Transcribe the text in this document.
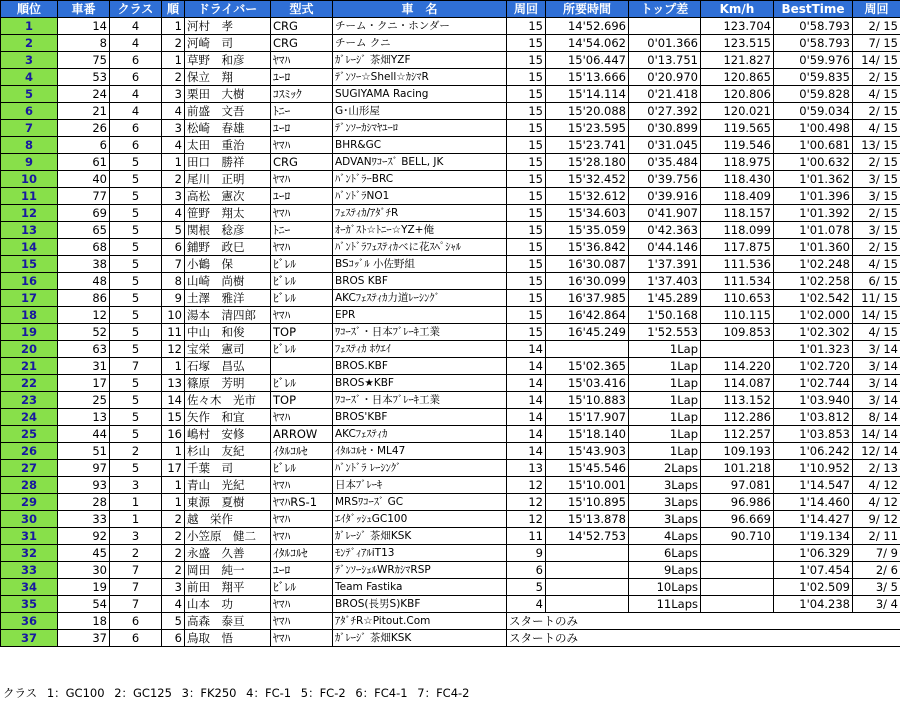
順位	車番	クラス	順	ドライバー	型式	車　名	周回	所要時間	トップ差	Km/h	BestTime	周回
1	14	4	1	河村　孝	CRG	チーム・クニ・ホンダー	15	14'52.696		123.704	0'58.793	2/ 15
2	8	4	2	河崎　司	CRG	チーム クニ	15	14'54.062	0'01.366	123.515	0'58.793	7/ 15
3	75	6	1	草野　和彦	ﾔﾏﾊ	ｶﾞﾚｰｼﾞ 茶畑YZF	15	15'06.447	0'13.751	121.827	0'59.976	14/ 15
4	53	6	2	保立　翔	ﾕｰﾛ	ﾃﾞﾝｿｰ☆Shell☆ｶｼﾏR	15	15'13.666	0'20.970	120.865	0'59.835	2/ 15
5	24	4	3	栗田　大樹	ｺｽﾐｯｸ	SUGIYAMA Racing	15	15'14.114	0'21.418	120.806	0'59.828	4/ 15
6	21	4	4	前盛　文吾	ﾄﾆｰ	G･山形屋	15	15'20.088	0'27.392	120.021	0'59.034	2/ 15
7	26	6	3	松崎　春雄	ﾕｰﾛ	ﾃﾞﾝｿｰｶｼﾏﾔﾕｰﾛ	15	15'23.595	0'30.899	119.565	1'00.498	4/ 15
8	6	6	4	太田　重治	ﾔﾏﾊ	BHR&GC	15	15'23.741	0'31.045	119.546	1'00.681	13/ 15
9	61	5	1	田口　勝祥	CRG	ADVANﾜｺｰｽﾞ BELL, JK	15	15'28.180	0'35.484	118.975	1'00.632	2/ 15
10	40	5	2	尾川　正明	ﾔﾏﾊ	ﾊﾞﾝﾄﾞﾗｰBRC	15	15'32.452	0'39.756	118.430	1'01.362	3/ 15
11	77	5	3	高松　憲次	ﾕｰﾛ	ﾊﾞﾝﾄﾞﾗNO1	15	15'32.612	0'39.916	118.409	1'01.396	3/ 15
12	69	5	4	笹野　翔太	ﾔﾏﾊ	ﾌｪｽﾃｨｶ/ｱﾀﾞﾁR	15	15'34.603	0'41.907	118.157	1'01.392	2/ 15
13	65	5	5	関根　稔彦	ﾄﾆｰ	ｵｰｶﾞｽﾄ☆ﾄﾆｰ☆YZ+俺	15	15'35.059	0'42.363	118.099	1'01.078	3/ 15
14	68	5	6	鋪野　政巳	ﾔﾏﾊ	ﾊﾞﾝﾄﾞﾗﾌｪｽﾃｨｶベに花ｽﾍﾟｼｬﾙ	15	15'36.842	0'44.146	117.875	1'01.360	2/ 15
15	38	5	7	小鶴　保	ﾋﾞﾚﾙ	BSｺｯﾞﾙ 小佐野組	15	16'30.087	1'37.391	111.536	1'02.248	4/ 15
16	48	5	8	山崎　尚樹	ﾋﾞﾚﾙ	BROS KBF	15	16'30.099	1'37.403	111.534	1'02.258	6/ 15
17	86	5	9	土澤　雅洋	ﾋﾞﾚﾙ	AKCﾌｪｽﾃｨｶ力道ﾚｰｼﾝｸﾞ	15	16'37.985	1'45.289	110.653	1'02.542	11/ 15
18	12	5	10	湯本　清四郎	ﾔﾏﾊ	EPR	15	16'42.864	1'50.168	110.115	1'02.000	14/ 15
19	52	5	11	中山　和俊	TOP	ﾜｺｰｽﾞ・日本ﾌﾞﾚｰｷ工業	15	16'45.249	1'52.553	109.853	1'02.302	4/ 15
20	63	5	12	宝栄　憲司	ﾋﾞﾚﾙ	ﾌｪｽﾃｨｶ ﾎｳｴｲ	14		1Lap		1'01.323	3/ 14
21	31	7	1	石塚　昌弘		BROS.KBF	14	15'02.365	1Lap	114.220	1'02.720	3/ 14
22	17	5	13	篠原　芳明	ﾋﾞﾚﾙ	BROS★KBF	14	15'03.416	1Lap	114.087	1'02.744	3/ 14
23	25	5	14	佐々木　光市	TOP	ﾜｺｰｽﾞ・日本ﾌﾞﾚｰｷ工業	14	15'10.883	1Lap	113.152	1'03.940	3/ 14
24	13	5	15	矢作　和宜	ﾔﾏﾊ	BROS'KBF	14	15'17.907	1Lap	112.286	1'03.812	8/ 14
25	44	5	16	嶋村　安修	ARROW	AKCﾌｪｽﾃｨｶ	14	15'18.140	1Lap	112.257	1'03.853	14/ 14
26	51	2	1	杉山　友紀	ｲﾀﾙｺﾙｾ	ｲﾀﾙｺﾙｾ・ML47	14	15'43.903	1Lap	109.193	1'06.242	12/ 14
27	97	5	17	千葉　司	ﾋﾞﾚﾙ	ﾊﾞﾝﾄﾞﾗ ﾚｰｼﾝｸﾞ	13	15'45.546	2Laps	101.218	1'10.952	2/ 13
28	93	3	1	青山　光紀	ﾔﾏﾊ	日本ﾌﾞﾚｰｷ	12	15'10.001	3Laps	97.081	1'14.547	4/ 12
29	28	1	1	東源　夏樹	ﾔﾏﾊRS-1	MRSﾜｺｰｽﾞ GC	12	15'10.895	3Laps	96.986	1'14.460	4/ 12
30	33	1	2	越　栄作	ﾔﾏﾊ	ｴｲﾀﾞｯｼｭGC100	12	15'13.878	3Laps	96.669	1'14.427	9/ 12
31	92	3	2	小笠原　健二	ﾔﾏﾊ	ｶﾞﾚｰｼﾞ 茶畑KSK	11	14'52.753	4Laps	90.710	1'19.134	2/ 11
32	45	2	2	永盛　久善	ｲﾀﾙｺﾙｾ	ﾓﾝﾃﾞｨｱﾙiT13	9		6Laps		1'06.329	7/ 9
33	30	7	2	岡田　純一	ﾕｰﾛ	ﾃﾞﾝｿｰｼｪﾙWRｶｼﾏRSP	6		9Laps		1'07.454	2/ 6
34	19	7	3	前田　翔平	ﾋﾞﾚﾙ	Team Fastika	5		10Laps		1'02.509	3/ 5
35	54	7	4	山本　功	ﾔﾏﾊ	BROS(長男S)KBF	4		11Laps		1'04.238	3/ 4
36	18	6	5	高森　泰亘	ﾔﾏﾊ	ｱﾀﾞﾁR☆Pitout.Com	スタートのみ					
37	37	6	6	鳥取　悟	ﾔﾏﾊ	ｶﾞﾚｰｼﾞ 茶畑KSK	スタートのみ					
クラス 1：GC100 2：GC125 3：FK250 4：FC-1 5：FC-2 6：FC4-1 7：FC4-2
